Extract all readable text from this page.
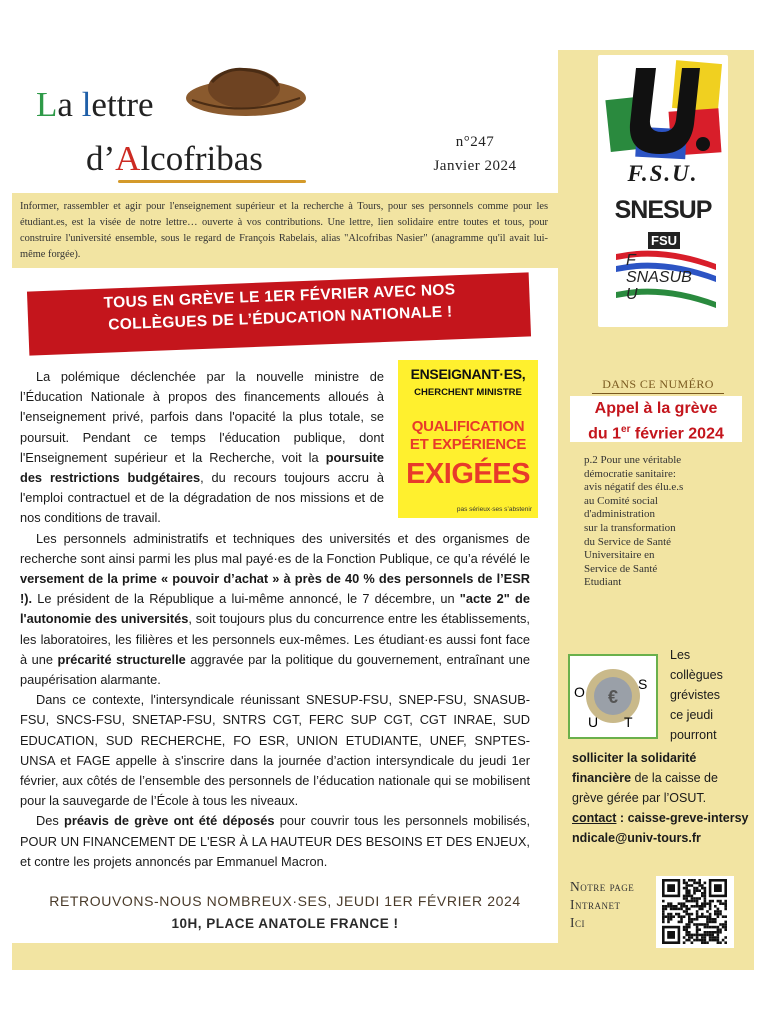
La lettre
d’Alcofribas	n°247
Janvier 2024
Informer, rassembler et agir pour l'enseignement supérieur et la recherche à Tours, pour ses personnels comme pour les étudiant.es, est la visée de notre lettre… ouverte à vos contributions. Une lettre, lien solidaire entre toutes et tous, pour construire l'université ensemble, sous le regard de François Rabelais, alias "Alcofribas Nasier" (anagramme qu'il avait lui-même forgée).
TOUS EN GRÈVE LE 1ER FÉVRIER AVEC NOS
COLLÈGUES DE L’ÉDUCATION NATIONALE !

La polémique déclenchée par la nouvelle ministre de l’Éducation Nationale à propos des financements alloués à l'enseignement privé, parfois dans l'opacité la plus totale, se poursuit. Pendant ce temps l'éducation publique, dont l'Enseignement supérieur et la Recherche, voit la poursuite des restrictions budgétaires, du recours toujours accru à l'emploi contractuel et de la dégradation de nos missions et de nos conditions de travail.

Les personnels administratifs et techniques des universités et des organismes de recherche sont ainsi parmi les plus mal payé·es de la Fonction Publique, ce qu’a révélé le versement de la prime « pouvoir d’achat » à près de 40 % des personnels de l’ESR !). Le président de la République a lui-même annoncé, le 7 décembre, un "acte 2" de l'autonomie des universités, soit toujours plus du concurrence entre les établissements, les laboratoires, les filières et les personnels eux-mêmes. Les étudiant·es aussi font face à une précarité structurelle aggravée par la politique du gouvernement, entraînant une paupérisation alarmante.

Dans ce contexte, l'intersyndicale réunissant SNESUP-FSU, SNEP-FSU, SNASUB-FSU, SNCS-FSU, SNETAP-FSU, SNTRS CGT, FERC SUP CGT, CGT INRAE, SUD EDUCATION, SUD RECHERCHE, FO ESR, UNION ETUDIANTE, UNEF, SNPTES-UNSA et FAGE appelle à s'inscrire dans la journée d’action intersyndicale du jeudi 1er février, aux côtés de l’ensemble des personnels de l’éducation nationale qui se mobilisent pour la sauvegarde de l’École à tous les niveaux.

Des préavis de grève ont été déposés pour couvrir tous les personnels mobilisés, POUR UN FINANCEMENT DE L'ESR À LA HAUTEUR DES BESOINS ET DES ENJEUX, et contre les projets annoncés par Emmanuel Macron.

ENSEIGNANT·ES,
CHERCHENT MINISTRE
QUALIFICATION
ET EXPÉRIENCE
EXIGÉES
pas sérieux·ses s’abstenir
RETROUVONS-NOUS NOMBREUX·SES, JEUDI 1ER FÉVRIER 2024
10H, PLACE ANATOLE FRANCE !
F.S.U.
SNESUPFSU
F
SNASUB
U
DANS CE NUMÉRO
Appel à la grève
du 1er février 2024
p.2 Pour une véritable
démocratie sanitaire:
avis négatif des élu.e.s
au Comité social
d'administration
sur la transformation
du Service de Santé
Universitaire en
Service de Santé
Etudiant
€
O	S
U T
Les
collègues
grévistes
ce jeudi
pourront
solliciter la solidarité financière de la caisse de grève gérée par l’OSUT.
contact : caisse-greve-intersyndicale@univ-tours.fr
Notre page
Intranet
Ici
